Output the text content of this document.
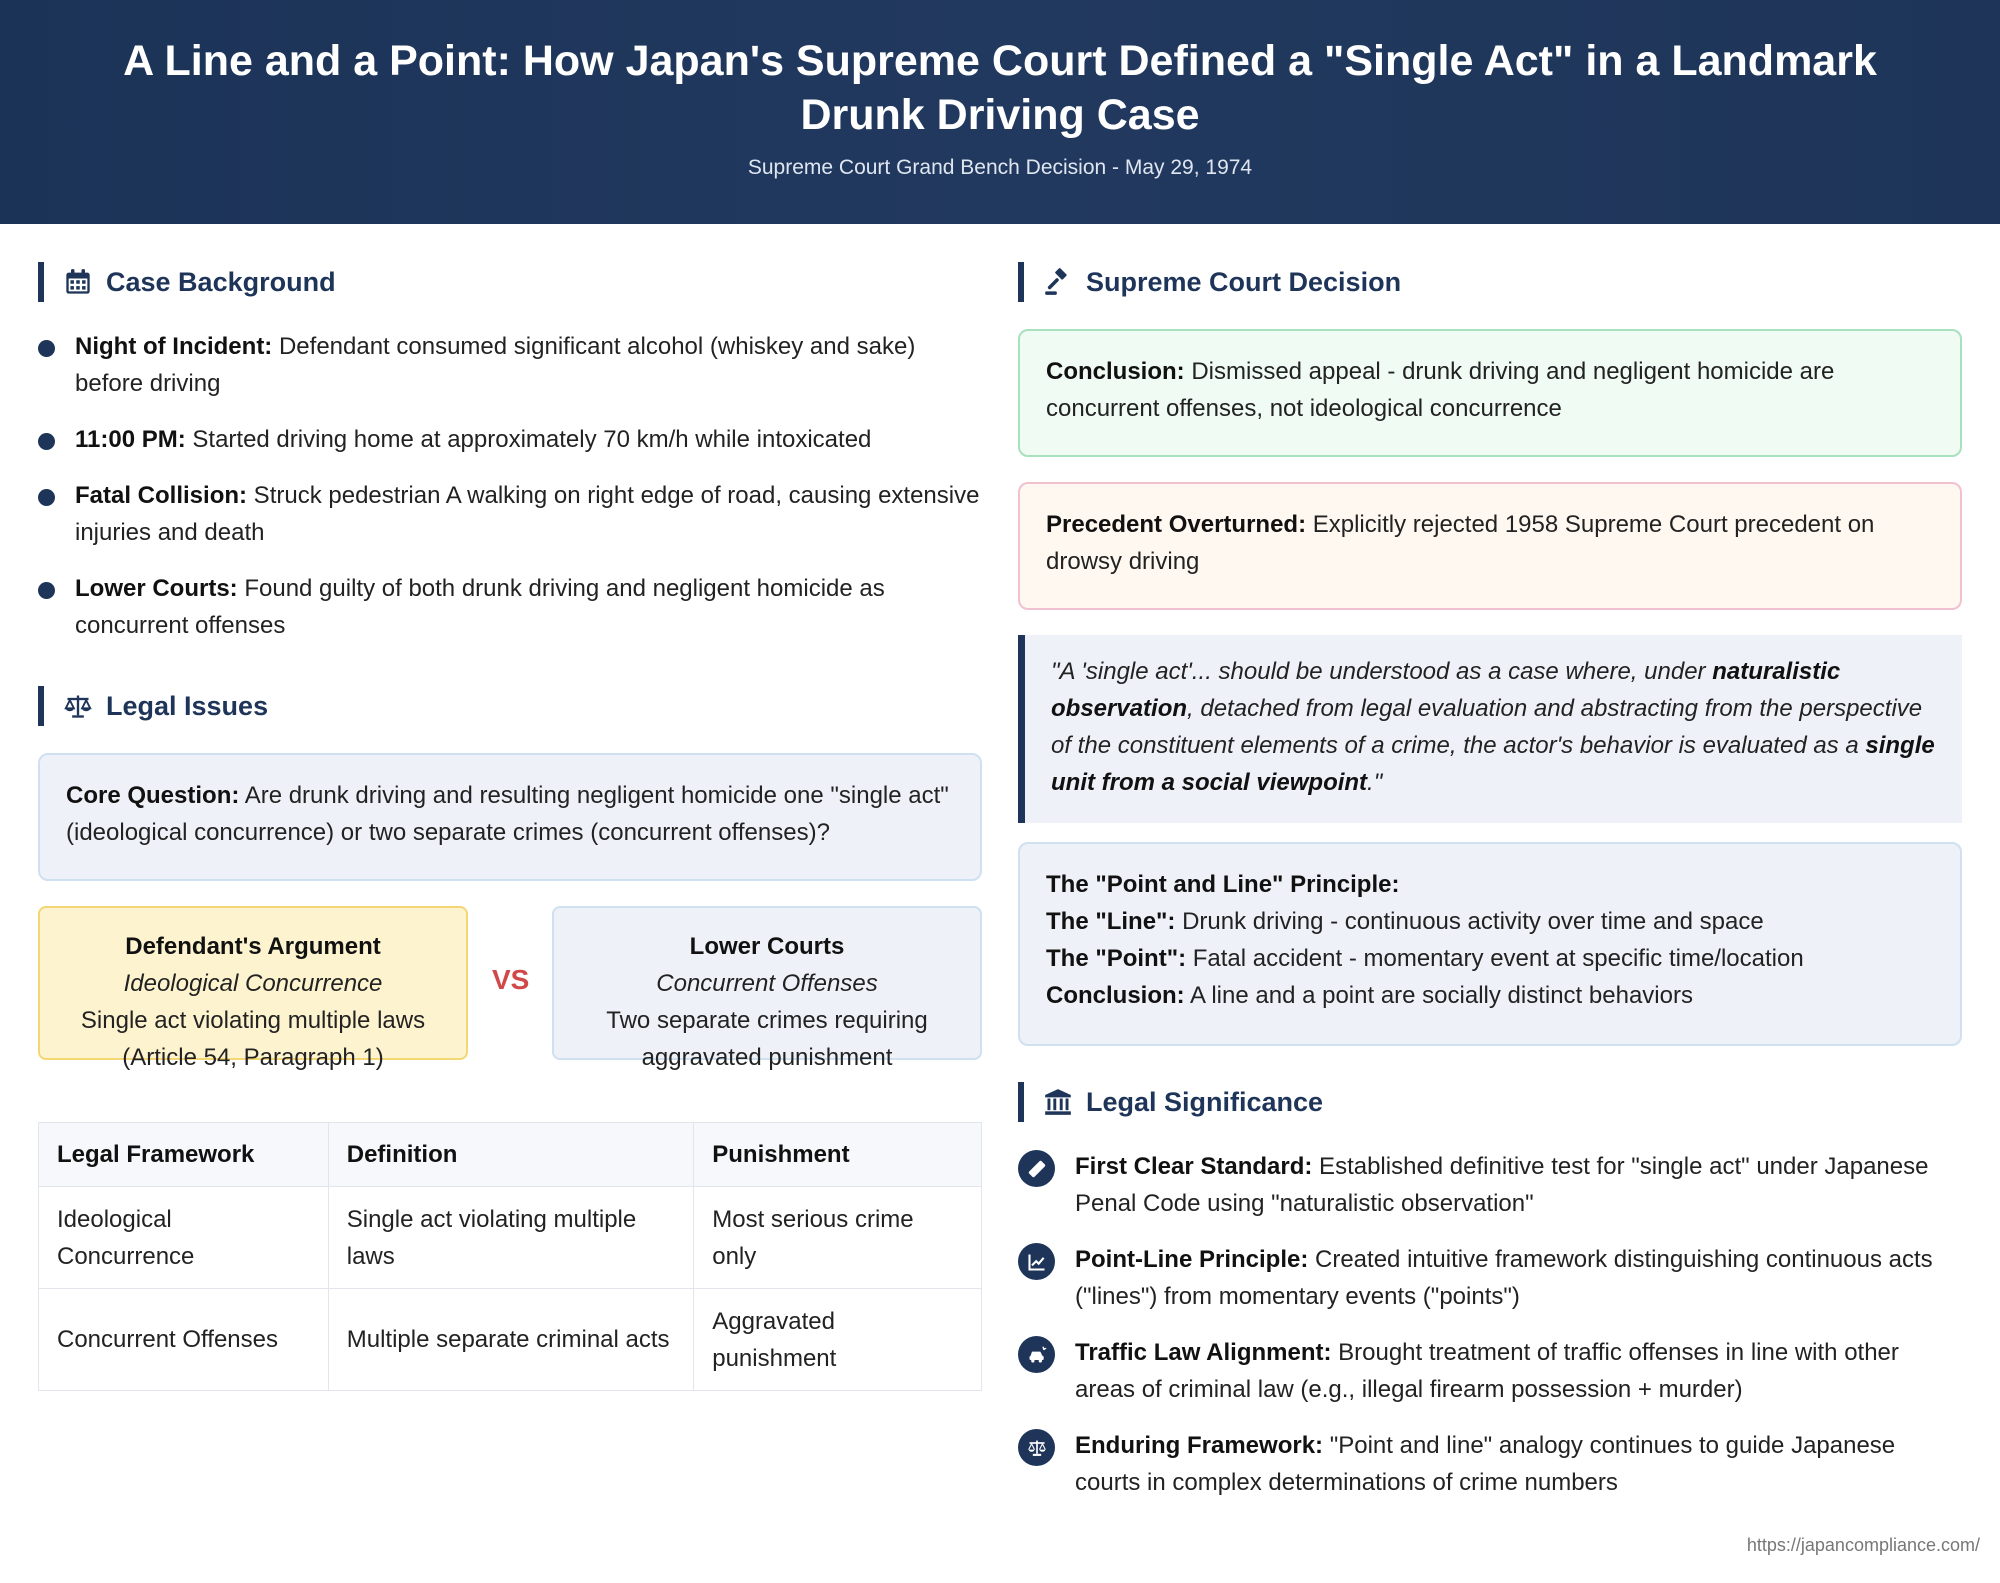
A Line and a Point: How Japan's Supreme Court Defined a "Single Act" in a Landmark Drunk Driving Case
Supreme Court Grand Bench Decision - May 29, 1974
Case Background
Night of Incident: Defendant consumed significant alcohol (whiskey and sake) before driving
11:00 PM: Started driving home at approximately 70 km/h while intoxicated
Fatal Collision: Struck pedestrian A walking on right edge of road, causing extensive injuries and death
Lower Courts: Found guilty of both drunk driving and negligent homicide as concurrent offenses
Legal Issues
Core Question: Are drunk driving and resulting negligent homicide one "single act" (ideological concurrence) or two separate crimes (concurrent offenses)?
Defendant's Argument
Ideological Concurrence
Single act violating multiple laws
(Article 54, Paragraph 1)
VS
Lower Courts
Concurrent Offenses
Two separate crimes requiring
aggravated punishment
Legal Framework	Definition	Punishment
Ideological Concurrence	Single act violating multiple laws	Most serious crime only
Concurrent Offenses	Multiple separate criminal acts	Aggravated punishment
Supreme Court Decision
Conclusion: Dismissed appeal - drunk driving and negligent homicide are concurrent offenses, not ideological concurrence
Precedent Overturned: Explicitly rejected 1958 Supreme Court precedent on drowsy driving
"A 'single act'... should be understood as a case where, under naturalistic observation, detached from legal evaluation and abstracting from the perspective of the constituent elements of a crime, the actor's behavior is evaluated as a single unit from a social viewpoint."
The "Point and Line" Principle:
The "Line": Drunk driving - continuous activity over time and space
The "Point": Fatal accident - momentary event at specific time/location
Conclusion: A line and a point are socially distinct behaviors
Legal Significance
First Clear Standard: Established definitive test for "single act" under Japanese Penal Code using "naturalistic observation"
Point-Line Principle: Created intuitive framework distinguishing continuous acts ("lines") from momentary events ("points")
Traffic Law Alignment: Brought treatment of traffic offenses in line with other areas of criminal law (e.g., illegal firearm possession + murder)
Enduring Framework: "Point and line" analogy continues to guide Japanese courts in complex determinations of crime numbers
https://japancompliance.com/
